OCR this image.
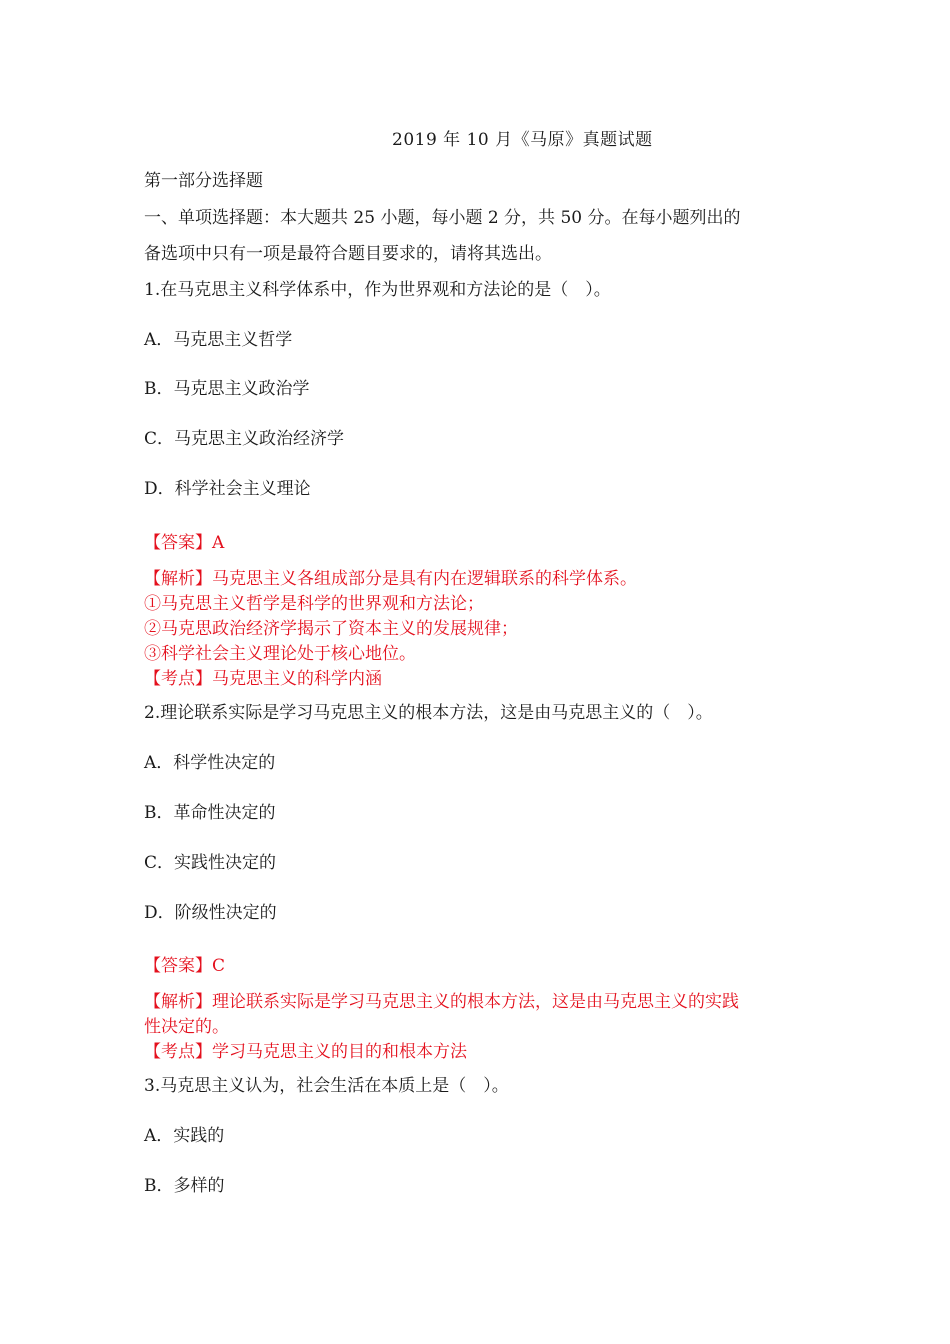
2019 年 10 月《马原》真题试题
第一部分选择题
一、单项选择题：本大题共 25 小题，每小题 2 分，共 50 分。在每小题列出的
备选项中只有一项是最符合题目要求的，请将其选出。
1.在马克思主义科学体系中，作为世界观和方法论的是（　）。
A．马克思主义哲学
B．马克思主义政治学
C．马克思主义政治经济学
D．科学社会主义理论
【答案】A
【解析】马克思主义各组成部分是具有内在逻辑联系的科学体系。
①马克思主义哲学是科学的世界观和方法论；
②马克思政治经济学揭示了资本主义的发展规律；
③科学社会主义理论处于核心地位。
【考点】马克思主义的科学内涵
2.理论联系实际是学习马克思主义的根本方法，这是由马克思主义的（　）。
A．科学性决定的
B．革命性决定的
C．实践性决定的
D．阶级性决定的
【答案】C
【解析】理论联系实际是学习马克思主义的根本方法，这是由马克思主义的实践
性决定的。
【考点】学习马克思主义的目的和根本方法
3.马克思主义认为，社会生活在本质上是（　）。
A．实践的
B．多样的
